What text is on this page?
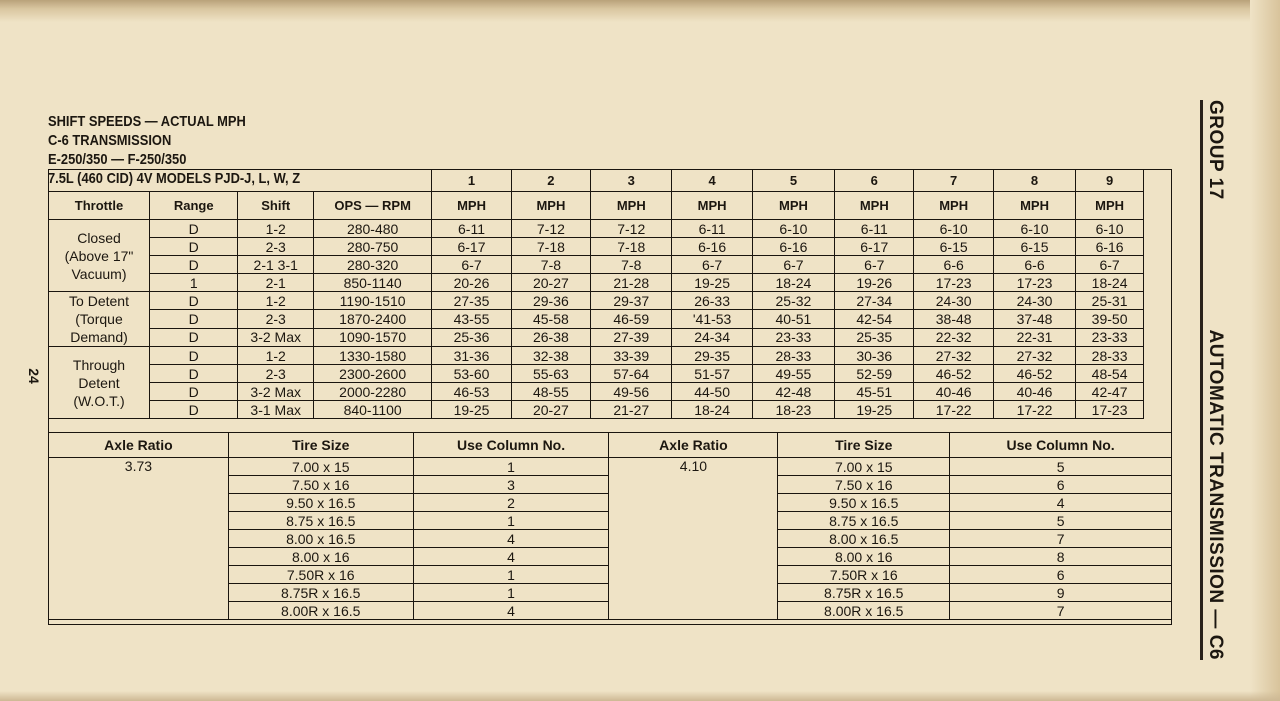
SHIFT SPEEDS — ACTUAL MPH
C-6 TRANSMISSION
E-250/350 — F-250/350
7.5L (460 CID) 4V MODELS PJD-J, L, W, Z
24
GROUP 17
AUTOMATIC TRANSMISSION — C6
				1	2	3	4	5	6	7	8	9
Throttle	Range	Shift	OPS — RPM	MPH	MPH	MPH	MPH	MPH	MPH	MPH	MPH	MPH
Closed (Above 17" Vacuum)	D	1-2	280-480	6-11	7-12	7-12	6-11	6-10	6-11	6-10	6-10	6-10
	D	2-3	280-750	6-17	7-18	7-18	6-16	6-16	6-17	6-15	6-15	6-16
	D	2-1 3-1	280-320	6-7	7-8	7-8	6-7	6-7	6-7	6-6	6-6	6-7
	1	2-1	850-1140	20-26	20-27	21-28	19-25	18-24	19-26	17-23	17-23	18-24
To Detent (Torque Demand)	D	1-2	1190-1510	27-35	29-36	29-37	26-33	25-32	27-34	24-30	24-30	25-31
	D	2-3	1870-2400	43-55	45-58	46-59	'41-53	40-51	42-54	38-48	37-48	39-50
	D	3-2 Max	1090-1570	25-36	26-38	27-39	24-34	23-33	25-35	22-32	22-31	23-33
Through Detent (W.O.T.)	D	1-2	1330-1580	31-36	32-38	33-39	29-35	28-33	30-36	27-32	27-32	28-33
	D	2-3	2300-2600	53-60	55-63	57-64	51-57	49-55	52-59	46-52	46-52	48-54
	D	3-2 Max	2000-2280	46-53	48-55	49-56	44-50	42-48	45-51	40-46	40-46	42-47
	D	3-1 Max	840-1100	19-25	20-27	21-27	18-24	18-23	19-25	17-22	17-22	17-23

Axle Ratio	Tire Size	Use Column No.	Axle Ratio	Tire Size	Use Column No.
3.73	7.00 x 15	1	4.10	7.00 x 15	5
	7.50 x 16	3		7.50 x 16	6
	9.50 x 16.5	2		9.50 x 16.5	4
	8.75 x 16.5	1		8.75 x 16.5	5
	8.00 x 16.5	4		8.00 x 16.5	7
	8.00 x 16	4		8.00 x 16	8
	7.50R x 16	1		7.50R x 16	6
	8.75R x 16.5	1		8.75R x 16.5	9
	8.00R x 16.5	4		8.00R x 16.5	7
